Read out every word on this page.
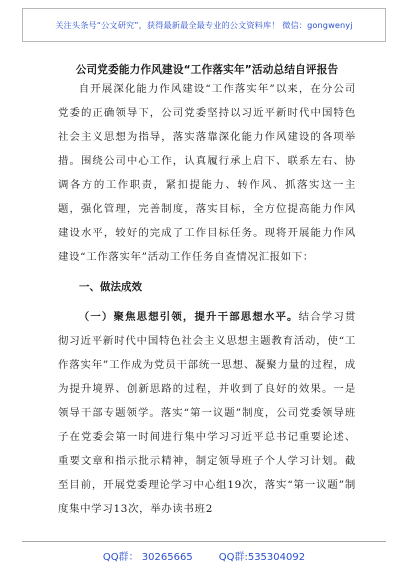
关注头条号“公文研究”，获得最新最全最专业的公文资料库！ 微信：gongwenyj
公司党委能力作风建设“工作落实年”活动总结自评报告

自开展深化能力作风建设“工作落实年”以来，在分公司党委的正确领导下，公司党委坚持以习近平新时代中国特色社会主义思想为指导，落实落靠深化能力作风建设的各项举措。围绕公司中心工作，认真履行承上启下、联系左右、协调各方的工作职责，紧扣提能力、转作风、抓落实这一主题，强化管理，完善制度，落实目标，全方位提高能力作风建设水平，较好的完成了工作目标任务。现将开展能力作风建设“工作落实年”活动工作任务自查情况汇报如下：

一、做法成效

（一）聚焦思想引领，提升干部思想水平。结合学习贯彻习近平新时代中国特色社会主义思想主题教育活动，使“工作落实年”工作成为党员干部统一思想、凝聚力量的过程，成为提升境界、创新思路的过程，并收到了良好的效果。一是领导干部专题领学。落实“第一议题”制度，公司党委领导班子在党委会第一时间进行集中学习习近平总书记重要论述、重要文章和指示批示精神，制定领导班子个人学习计划。截至目前，开展党委理论学习中心组19次，落实“第一议题”制度集中学习13次，举办读书班2

QQ群： 30265665	QQ群:535304092
